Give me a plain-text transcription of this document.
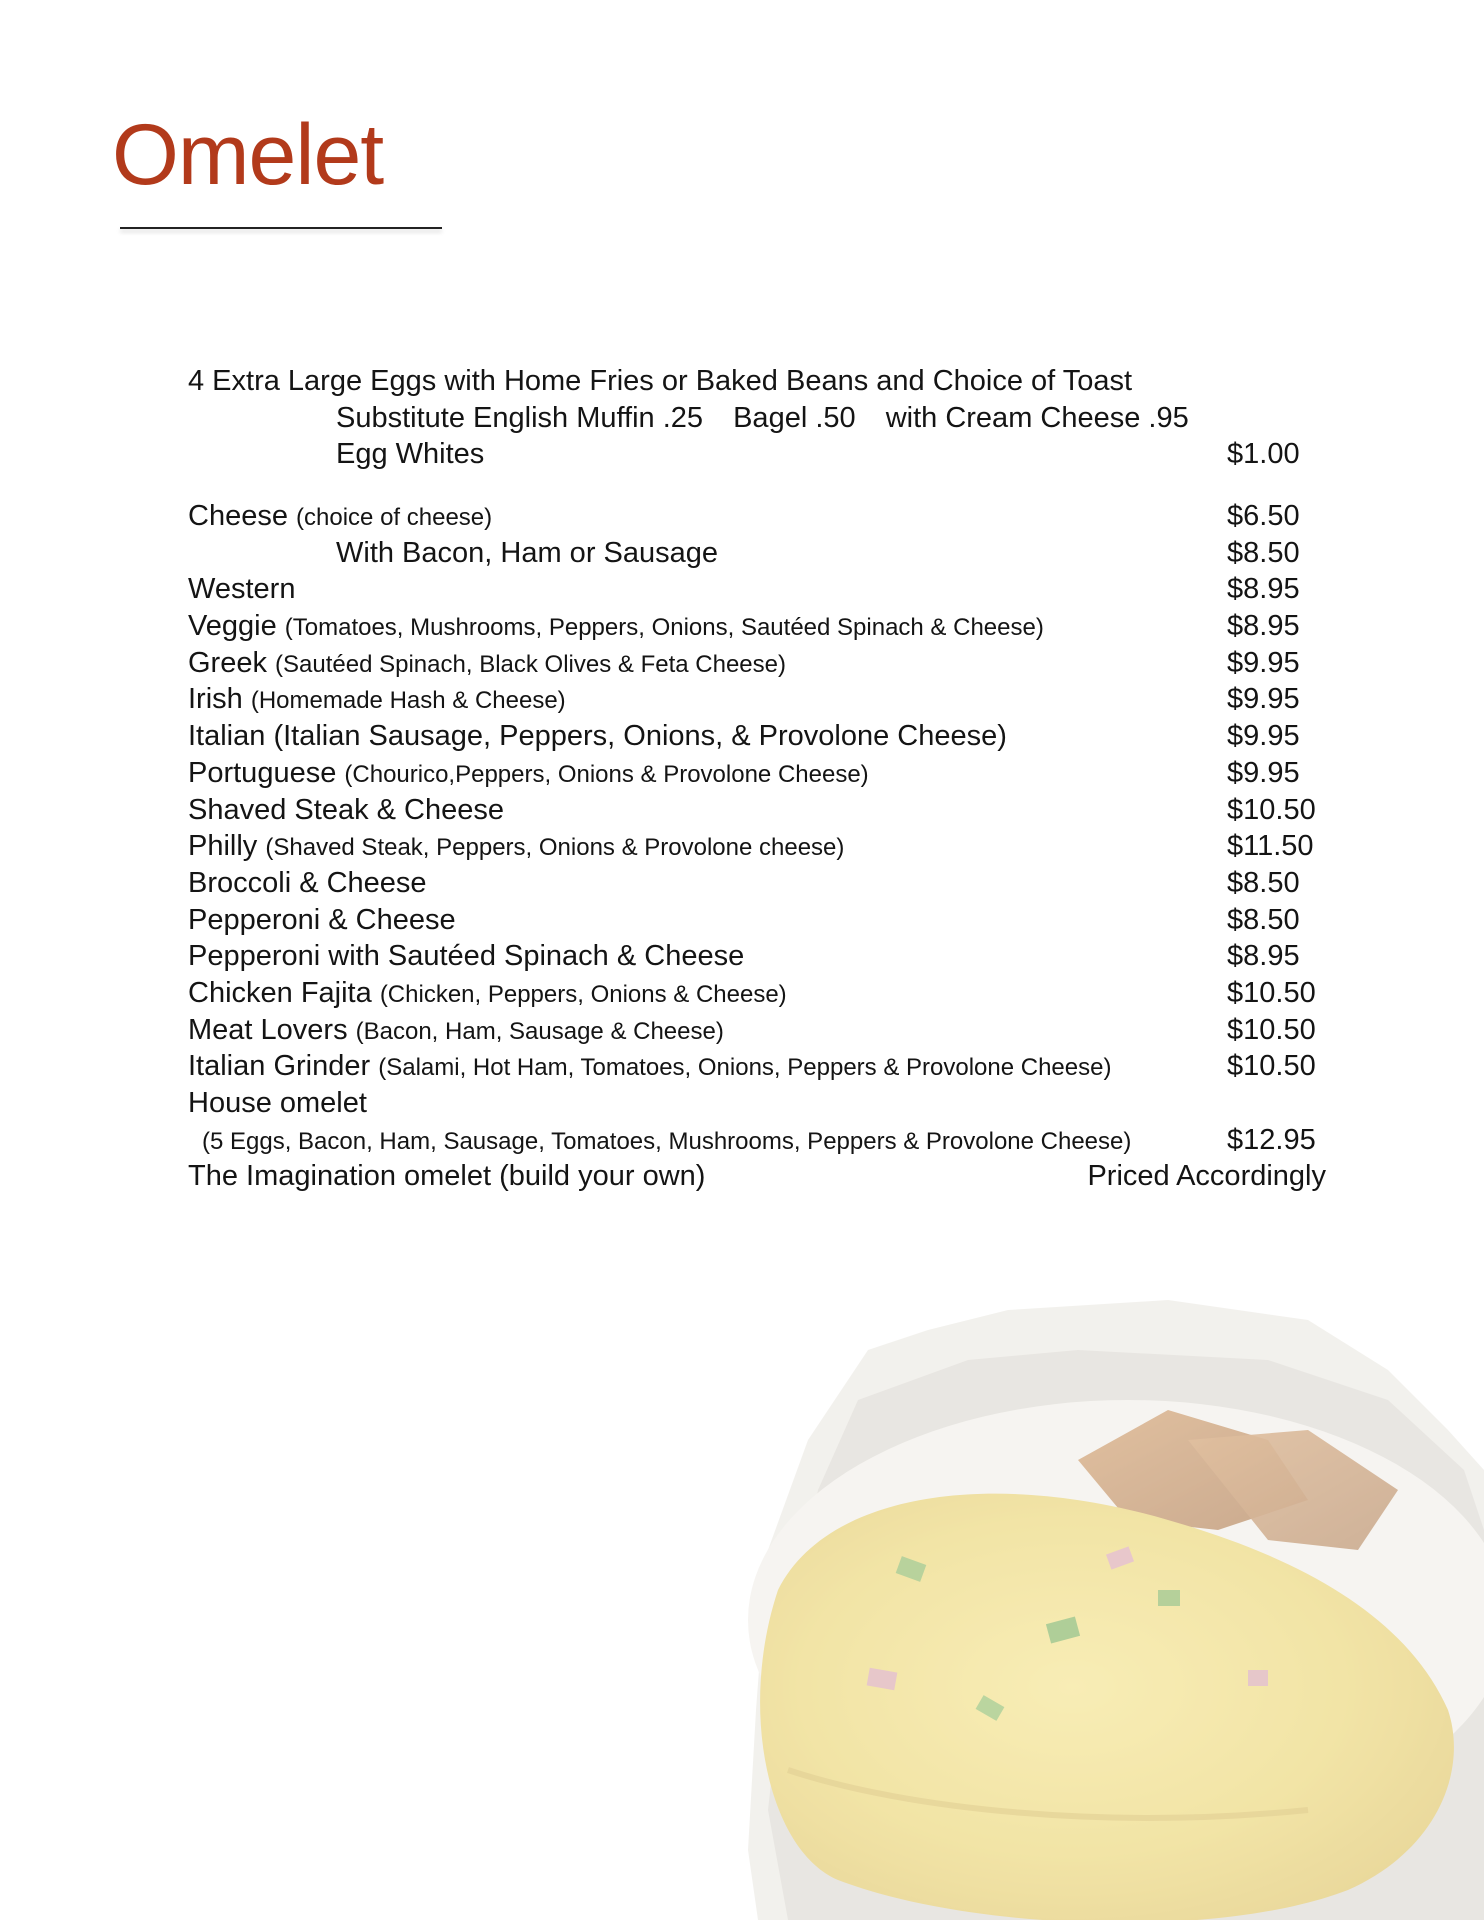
Omelet
4 Extra Large Eggs with Home Fries or Baked Beans and Choice of Toast
Substitute English Muffin .25 Bagel .50 with Cream Cheese .95
Egg Whites	$1.00
Cheese (choice of cheese)	$6.50
With Bacon, Ham or Sausage	$8.50
Western	$8.95
Veggie (Tomatoes, Mushrooms, Peppers, Onions, Sautéed Spinach & Cheese)	$8.95
Greek (Sautéed Spinach, Black Olives & Feta Cheese)	$9.95
Irish (Homemade Hash & Cheese)	$9.95
Italian (Italian Sausage, Peppers, Onions, & Provolone Cheese)	$9.95
Portuguese (Chourico,Peppers, Onions & Provolone Cheese)	$9.95
Shaved Steak & Cheese	$10.50
Philly (Shaved Steak, Peppers, Onions & Provolone cheese)	$11.50
Broccoli & Cheese	$8.50
Pepperoni & Cheese	$8.50
Pepperoni with Sautéed Spinach & Cheese	$8.95
Chicken Fajita (Chicken, Peppers, Onions & Cheese)	$10.50
Meat Lovers (Bacon, Ham, Sausage & Cheese)	$10.50
Italian Grinder (Salami, Hot Ham, Tomatoes, Onions, Peppers & Provolone Cheese)	$10.50
House omelet
(5 Eggs, Bacon, Ham, Sausage, Tomatoes, Mushrooms, Peppers & Provolone Cheese)	$12.95
The Imagination omelet (build your own)	Priced Accordingly
